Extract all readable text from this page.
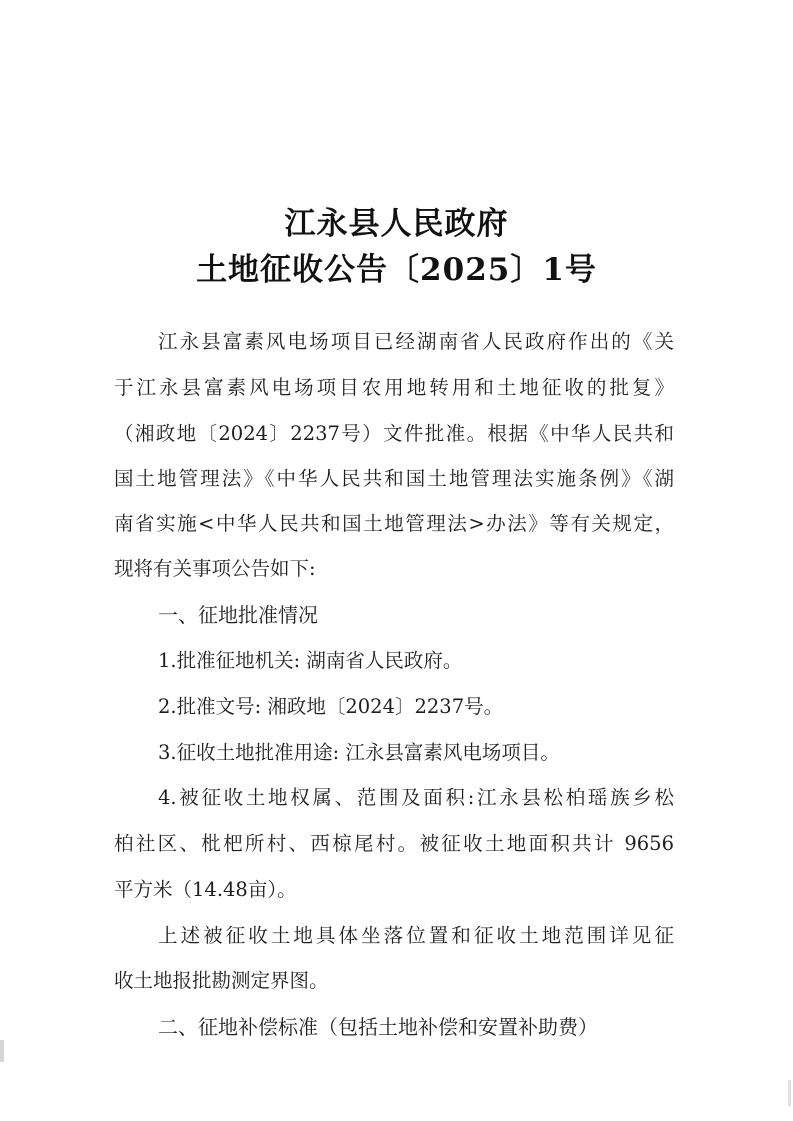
江永县人民政府
土地征收公告〔2025〕1号
江永县富素风电场项目已经湖南省人民政府作出的《关
于江永县富素风电场项目农用地转用和土地征收的批复》
（湘政地〔2024〕2237号）文件批准。根据《中华人民共和
国土地管理法》《中华人民共和国土地管理法实施条例》《湖
南省实施<中华人民共和国土地管理法>办法》等有关规定，
现将有关事项公告如下:
一、征地批准情况
1.批准征地机关: 湖南省人民政府。
2.批准文号: 湘政地〔2024〕2237号。
3.征收土地批准用途: 江永县富素风电场项目。
4.被征收土地权属、范围及面积:江永县松柏瑶族乡松
柏社区、枇杷所村、西椋尾村。被征收土地面积共计 9656
平方米（14.48亩）。
上述被征收土地具体坐落位置和征收土地范围详见征
收土地报批勘测定界图。
二、征地补偿标准（包括土地补偿和安置补助费）
